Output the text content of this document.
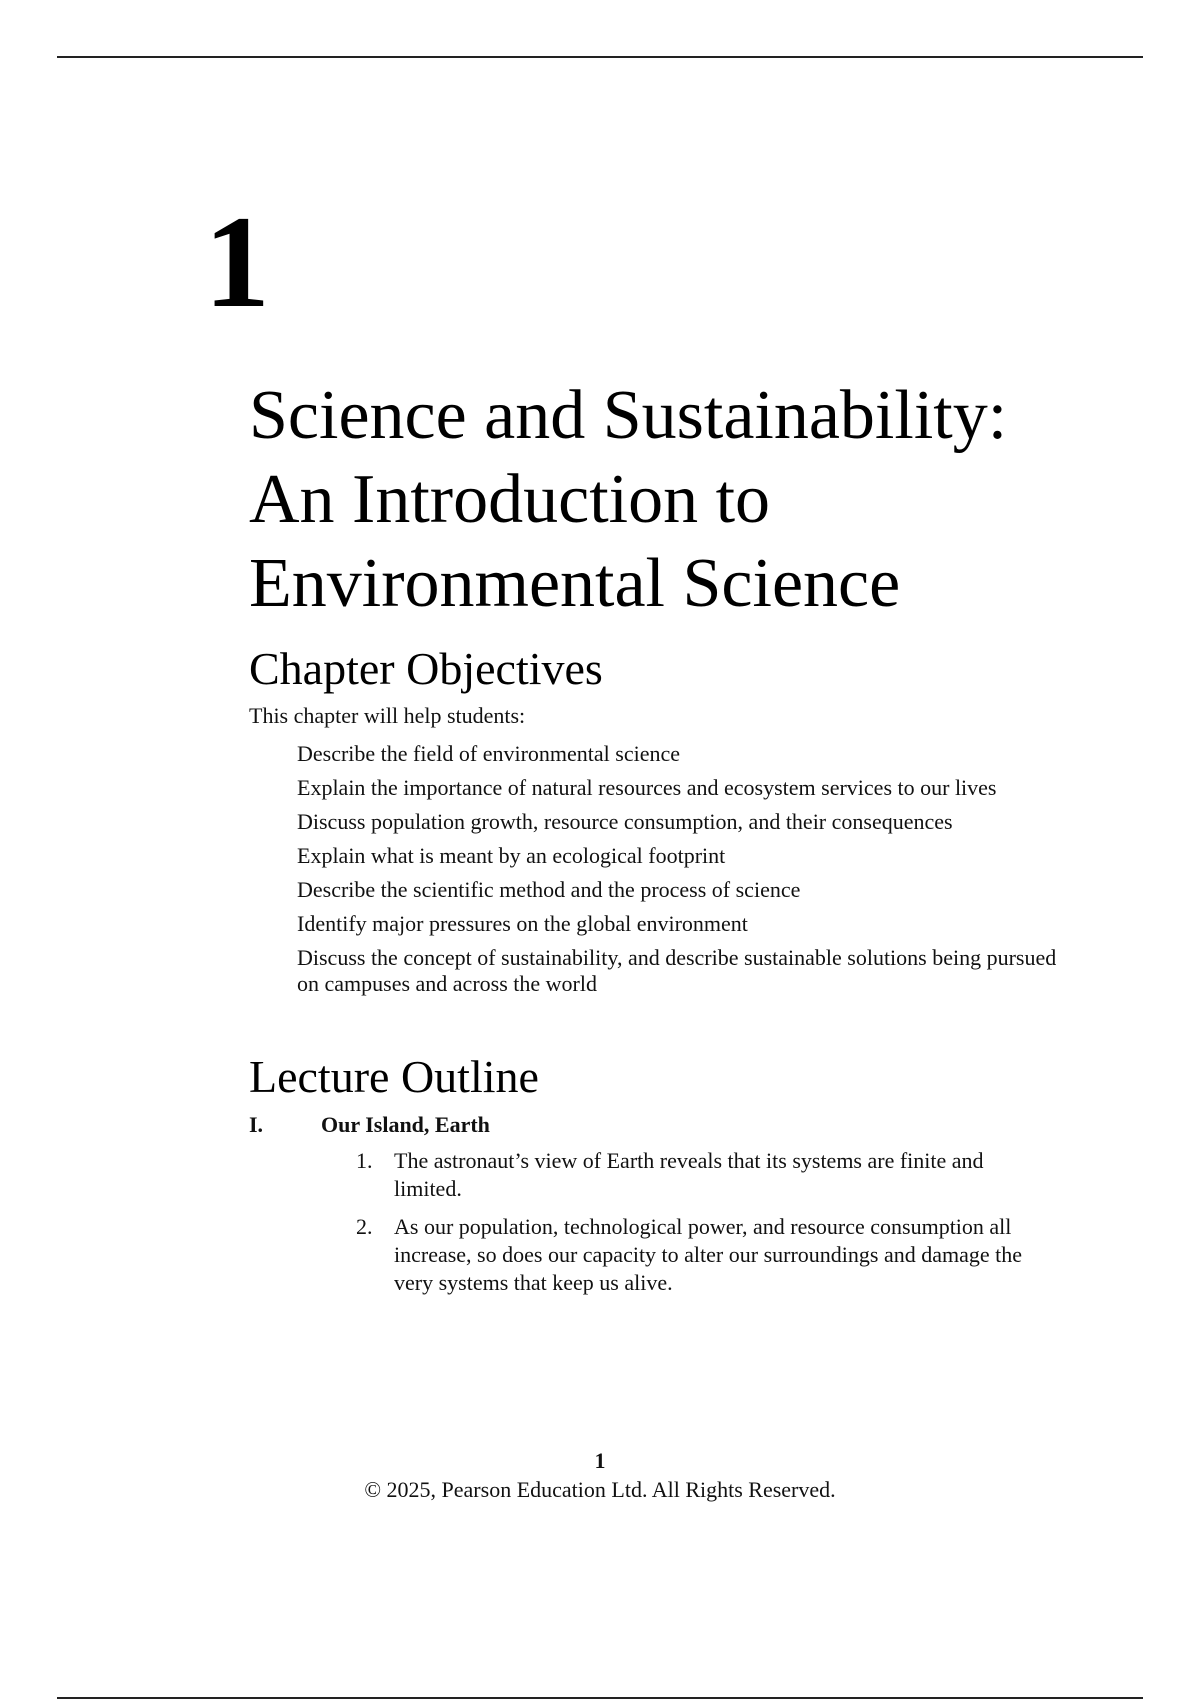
1
Science and Sustainability:
An Introduction to
Environmental Science
Chapter Objectives
This chapter will help students:
Describe the field of environmental science
Explain the importance of natural resources and ecosystem services to our lives
Discuss population growth, resource consumption, and their consequences
Explain what is meant by an ecological footprint
Describe the scientific method and the process of science
Identify major pressures on the global environment
Discuss the concept of sustainability, and describe sustainable solutions being pursued on campuses and across the world
Lecture Outline
I.	Our Island, Earth
1. The astronaut’s view of Earth reveals that its systems are finite and limited.
2. As our population, technological power, and resource consumption all increase, so does our capacity to alter our surroundings and damage the very systems that keep us alive.
1
© 2025, Pearson Education Ltd. All Rights Reserved.
